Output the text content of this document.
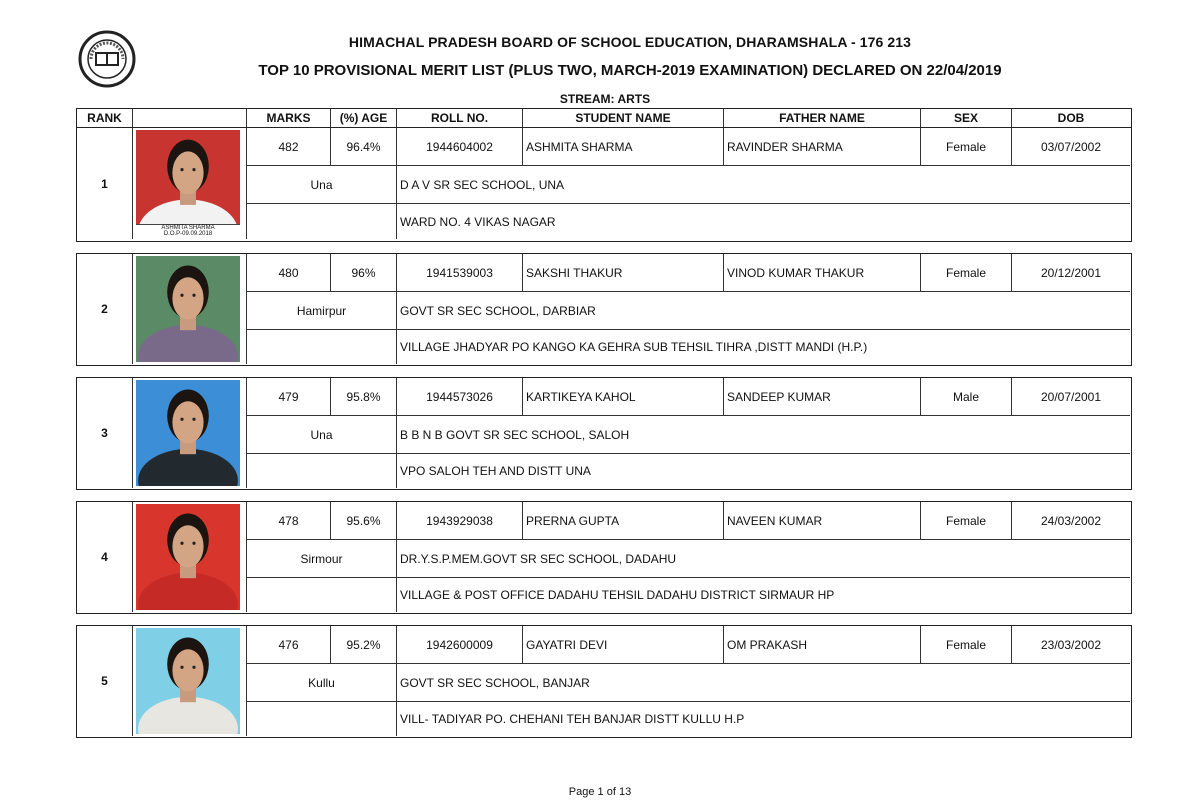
HIMACHAL PRADESH BOARD OF SCHOOL EDUCATION, DHARAMSHALA - 176 213
TOP 10 PROVISIONAL MERIT LIST (PLUS TWO, MARCH-2019 EXAMINATION) DECLARED ON 22/04/2019
STREAM: ARTS
RANK	MARKS	(%) AGE	ROLL NO.	STUDENT NAME	FATHER NAME	SEX	DOB
1
ASHMITA SHARMA
D.O.P-09.09.2018
482	96.4%	1944604002	ASHMITA SHARMA	RAVINDER SHARMA	Female	03/07/2002
Una	D A V SR SEC SCHOOL, UNA
WARD NO. 4 VIKAS NAGAR
2
480	96%	1941539003	SAKSHI THAKUR	VINOD KUMAR THAKUR	Female	20/12/2001
Hamirpur	GOVT SR SEC SCHOOL, DARBIAR
VILLAGE JHADYAR PO KANGO KA GEHRA SUB TEHSIL TIHRA ,DISTT MANDI (H.P.)
3
479	95.8%	1944573026	KARTIKEYA KAHOL	SANDEEP KUMAR	Male	20/07/2001
Una	B B N B GOVT SR SEC SCHOOL, SALOH
VPO SALOH TEH AND DISTT UNA
4
478	95.6%	1943929038	PRERNA GUPTA	NAVEEN KUMAR	Female	24/03/2002
Sirmour	DR.Y.S.P.MEM.GOVT SR SEC SCHOOL, DADAHU
VILLAGE & POST OFFICE DADAHU TEHSIL DADAHU DISTRICT SIRMAUR HP
5
476	95.2%	1942600009	GAYATRI DEVI	OM PRAKASH	Female	23/03/2002
Kullu	GOVT SR SEC SCHOOL, BANJAR
VILL- TADIYAR PO. CHEHANI TEH BANJAR DISTT KULLU H.P
Page 1 of 13
